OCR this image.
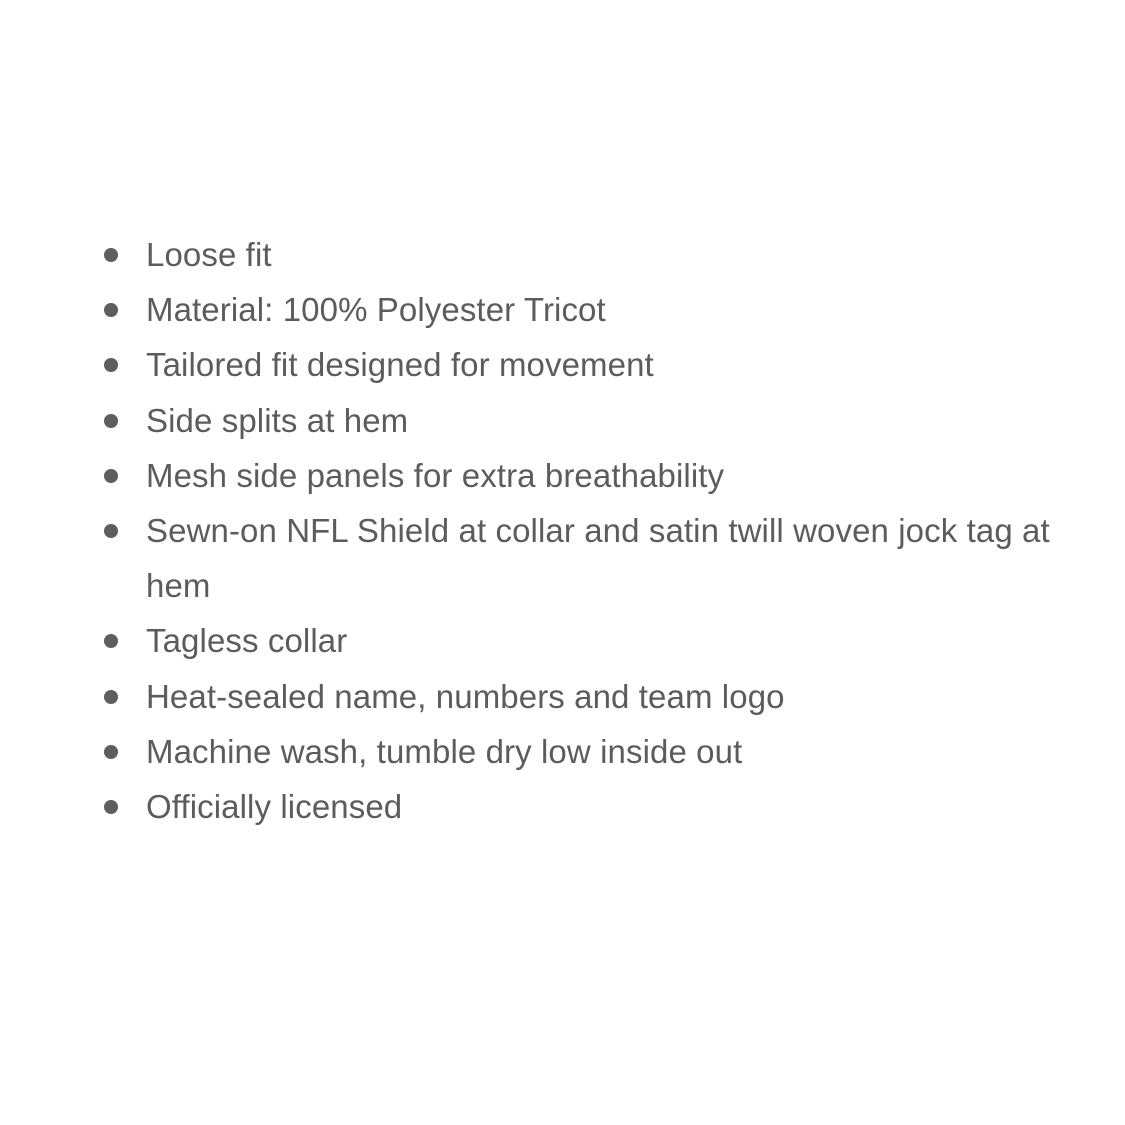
Loose fit
Material: 100% Polyester Tricot
Tailored fit designed for movement
Side splits at hem
Mesh side panels for extra breathability
Sewn-on NFL Shield at collar and satin twill woven jock tag at hem
Tagless collar
Heat-sealed name, numbers and team logo
Machine wash, tumble dry low inside out
Officially licensed
